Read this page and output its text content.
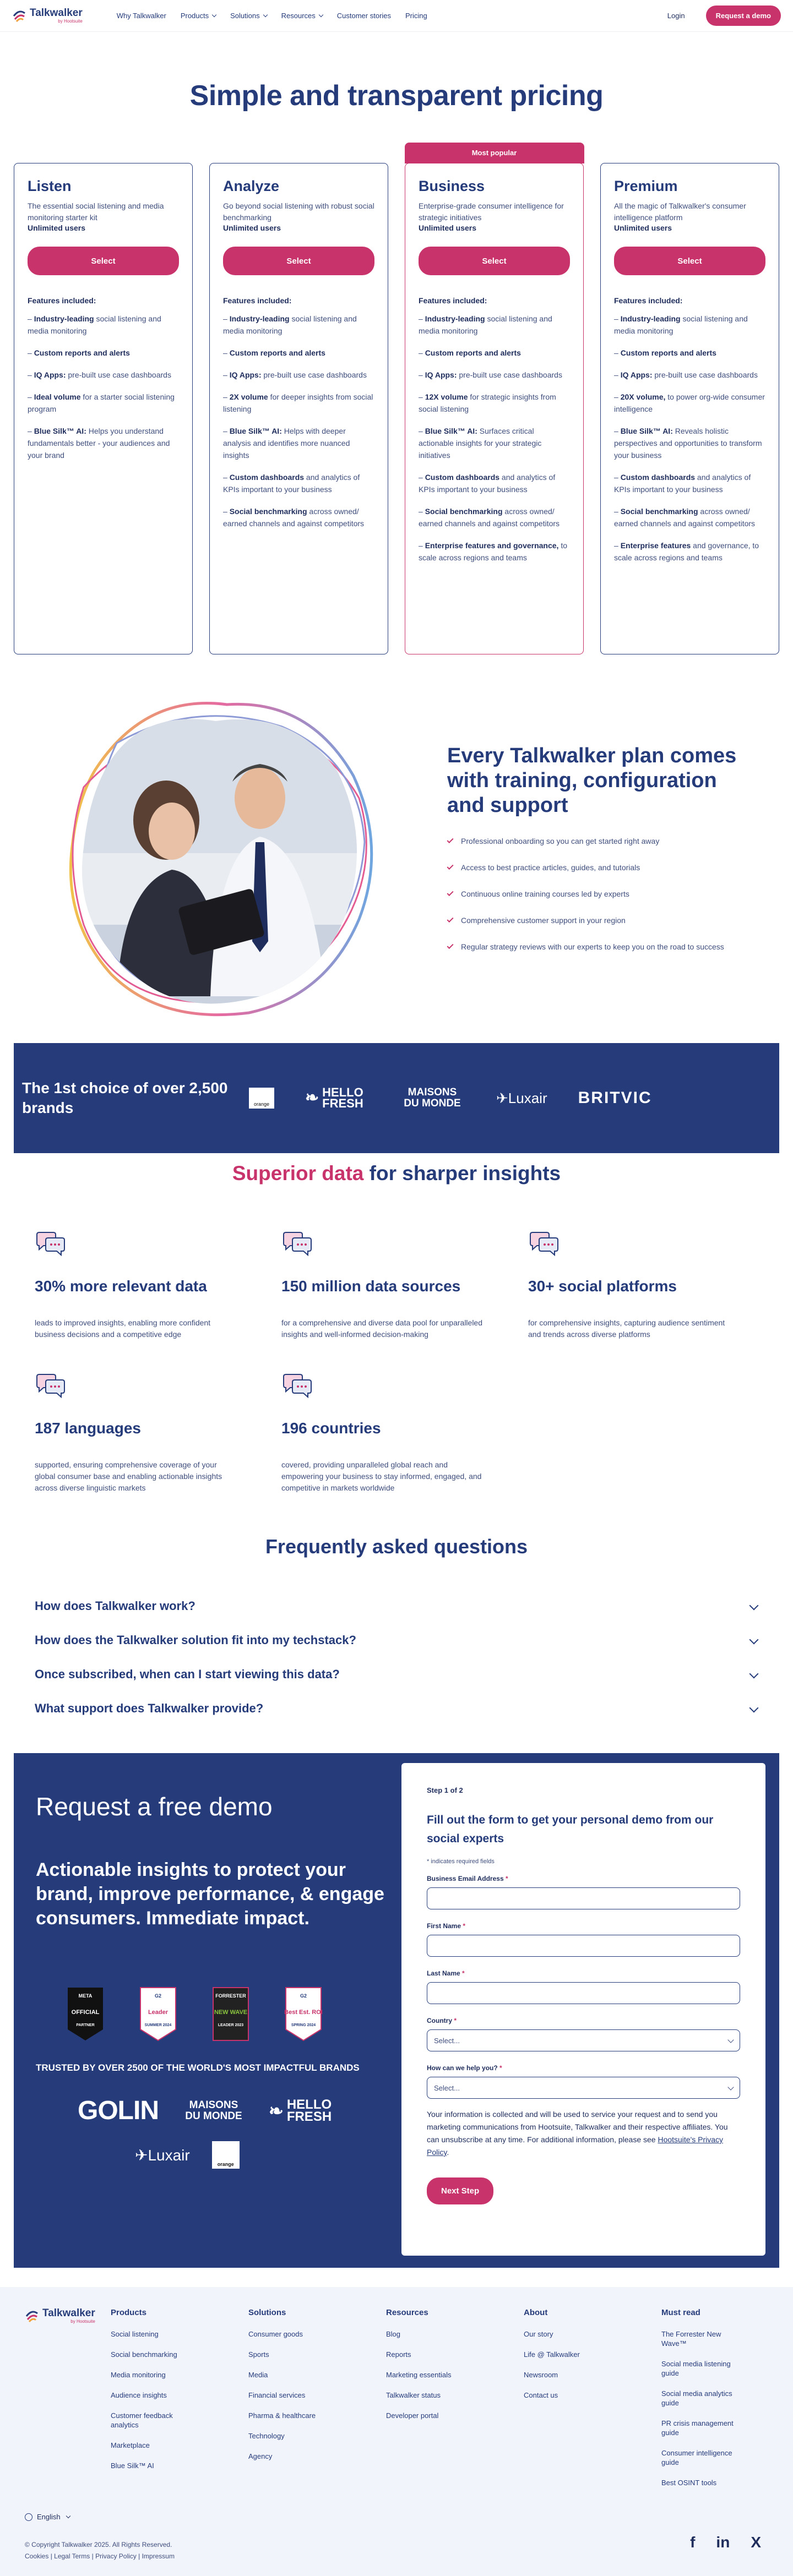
Talkwalker
by Hootsuite
Why Talkwalker Products	Solutions	Resources	Customer stories Pricing	Login	Request a demo
Simple and transparent pricing
Listen
The essential social listening and media monitoring starter kit
Unlimited users
Select
Features included:
– Industry-leading social listening and media monitoring
– Custom reports and alerts
– IQ Apps: pre-built use case dashboards
– Ideal volume for a starter social listening program
– Blue Silk™ AI: Helps you understand fundamentals better - your audiences and your brand
Analyze
Go beyond social listening with robust social benchmarking
Unlimited users
Select
Features included:
– Industry-leading social listening and media monitoring
– Custom reports and alerts
– IQ Apps: pre-built use case dashboards
– 2X volume for deeper insights from social listening
– Blue Silk™ AI: Helps with deeper analysis and identifies more nuanced insights
– Custom dashboards and analytics of KPIs important to your business
– Social benchmarking across owned/ earned channels and against competitors
Most popular
Business
Enterprise-grade consumer intelligence for strategic initiatives
Unlimited users
Select
Features included:
– Industry-leading social listening and media monitoring
– Custom reports and alerts
– IQ Apps: pre-built use case dashboards
– 12X volume for strategic insights from social listening
– Blue Silk™ AI: Surfaces critical actionable insights for your strategic initiatives
– Custom dashboards and analytics of KPIs important to your business
– Social benchmarking across owned/ earned channels and against competitors
– Enterprise features and governance, to scale across regions and teams
Premium
All the magic of Talkwalker's consumer intelligence platform
Unlimited users
Select
Features included:
– Industry-leading social listening and media monitoring
– Custom reports and alerts
– IQ Apps: pre-built use case dashboards
– 20X volume, to power org-wide consumer intelligence
– Blue Silk™ AI: Reveals holistic perspectives and opportunities to transform your business
– Custom dashboards and analytics of KPIs important to your business
– Social benchmarking across owned/ earned channels and against competitors
– Enterprise features and governance, to scale across regions and teams
Every Talkwalker plan comes with training, configuration and support
Professional onboarding so you can get started right away
Access to best practice articles, guides, and tutorials
Continuous online training courses led by experts
Comprehensive customer support in your region
Regular strategy reviews with our experts to keep you on the road to success
The 1st choice of over 2,500 brands	orange ❧ HELLO FRESH
MAISONS DU MONDE	✈Luxair BRITVIC
Superior data for sharper insights
30% more relevant data

leads to improved insights, enabling more confident business decisions and a competitive edge

150 million data sources

for a comprehensive and diverse data pool for unparalleled insights and well-informed decision-making

30+ social platforms

for comprehensive insights, capturing audience sentiment and trends across diverse platforms

187 languages

supported, ensuring comprehensive coverage of your global consumer base and enabling actionable insights across diverse linguistic markets

196 countries

covered, providing unparalleled global reach and empowering your business to stay informed, engaged, and competitive in markets worldwide

Frequently asked questions
How does Talkwalker work?
How does the Talkwalker solution fit into my techstack?
Once subscribed, when can I start viewing this data?
What support does Talkwalker provide?
Request a free demo
Actionable insights to protect your brand, improve performance, & engage consumers. Immediate impact.
META
OFFICIAL
PARTNER
G2
Leader
SUMMER 2024
FORRESTER
NEW WAVE
LEADER 2023
G2
Best Est. ROI
SPRING 2024
TRUSTED BY OVER 2500 OF THE WORLD'S MOST IMPACTFUL BRANDS
GOLIN	MAISONS DU MONDE ❧ HELLO FRESH
✈Luxair
orange
Step 1 of 2
Fill out the form to get your personal demo from our social experts
* indicates required fields
Business Email Address *
First Name *
Last Name *
Country *
Select...
How can we help you? *
Select...

Your information is collected and will be used to service your request and to send you marketing communications from Hootsuite, Talkwalker and their respective affiliates. You can unsubscribe at any time. For additional information, please see Hootsuite's Privacy Policy.

Next Step
Talkwalker
by Hootsuite
Products
Social listening
Social benchmarking
Media monitoring
Audience insights
Customer feedback analytics
Marketplace
Blue Silk™ AI
Solutions
Consumer goods
Sports
Media
Financial services
Pharma & healthcare
Technology
Agency
Resources
Blog
Reports
Marketing essentials
Talkwalker status
Developer portal
About
Our story
Life @ Talkwalker
Newsroom
Contact us
Must read
The Forrester New Wave™
Social media listening guide
Social media analytics guide
PR crisis management guide
Consumer intelligence guide
Best OSINT tools
English
© Copyright Talkwalker 2025. All Rights Reserved.
Cookies | Legal Terms | Privacy Policy | Impressum
f in X
